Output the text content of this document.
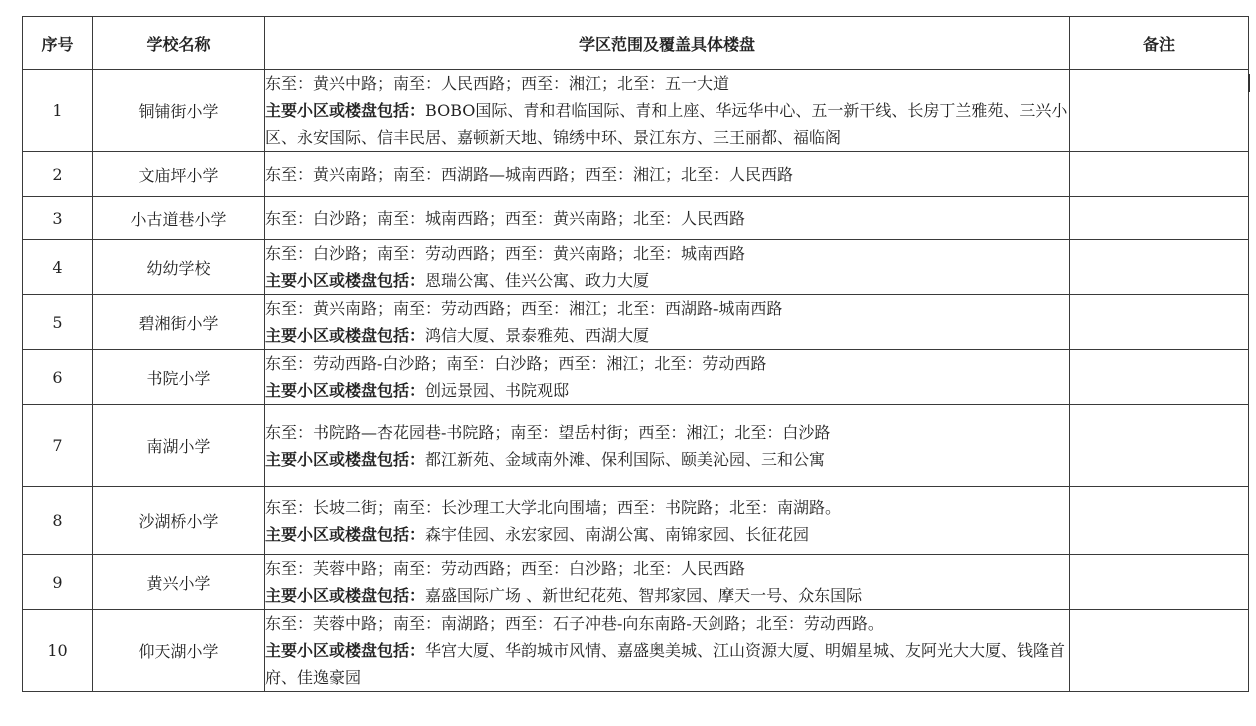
序号	学校名称	学区范围及覆盖具体楼盘	备注
1	铜铺街小学	东至：黄兴中路；南至：人民西路；西至：湘江；北至：五一大道
主要小区或楼盘包括：BOBO国际、青和君临国际、青和上座、华远华中心、五一新干线、长房丁兰雅苑、三兴小区、永安国际、信丰民居、嘉顿新天地、锦绣中环、景江东方、三王丽都、福临阁	

2	文庙坪小学	东至：黄兴南路；南至：西湖路—城南西路；西至：湘江；北至：人民西路	

3	小古道巷小学	东至：白沙路；南至：城南西路；西至：黄兴南路；北至：人民西路	

4	幼幼学校	东至：白沙路；南至：劳动西路；西至：黄兴南路；北至：城南西路
主要小区或楼盘包括：恩瑞公寓、佳兴公寓、政力大厦	

5	碧湘街小学	东至：黄兴南路；南至：劳动西路；西至：湘江；北至：西湖路-城南西路
主要小区或楼盘包括：鸿信大厦、景泰雅苑、西湖大厦	

6	书院小学	东至：劳动西路-白沙路；南至：白沙路；西至：湘江；北至：劳动西路
主要小区或楼盘包括：创远景园、书院观邸	

7	南湖小学	东至：书院路—杏花园巷-书院路；南至：望岳村街；西至：湘江；北至：白沙路
主要小区或楼盘包括：都江新苑、金域南外滩、保利国际、颐美沁园、三和公寓	

8	沙湖桥小学	东至：长坡二街；南至：长沙理工大学北向围墙；西至：书院路；北至：南湖路。
主要小区或楼盘包括：森宇佳园、永宏家园、南湖公寓、南锦家园、长征花园	

9	黄兴小学	东至：芙蓉中路；南至：劳动西路；西至：白沙路；北至：人民西路
主要小区或楼盘包括：嘉盛国际广场 、新世纪花苑、智邦家园、摩天一号、众东国际	

10	仰天湖小学	东至：芙蓉中路；南至：南湖路；西至：石子冲巷-向东南路-天剑路；北至：劳动西路。
主要小区或楼盘包括：华宫大厦、华韵城市风情、嘉盛奥美城、江山资源大厦、明媚星城、友阿光大大厦、钱隆首府、佳逸豪园	
